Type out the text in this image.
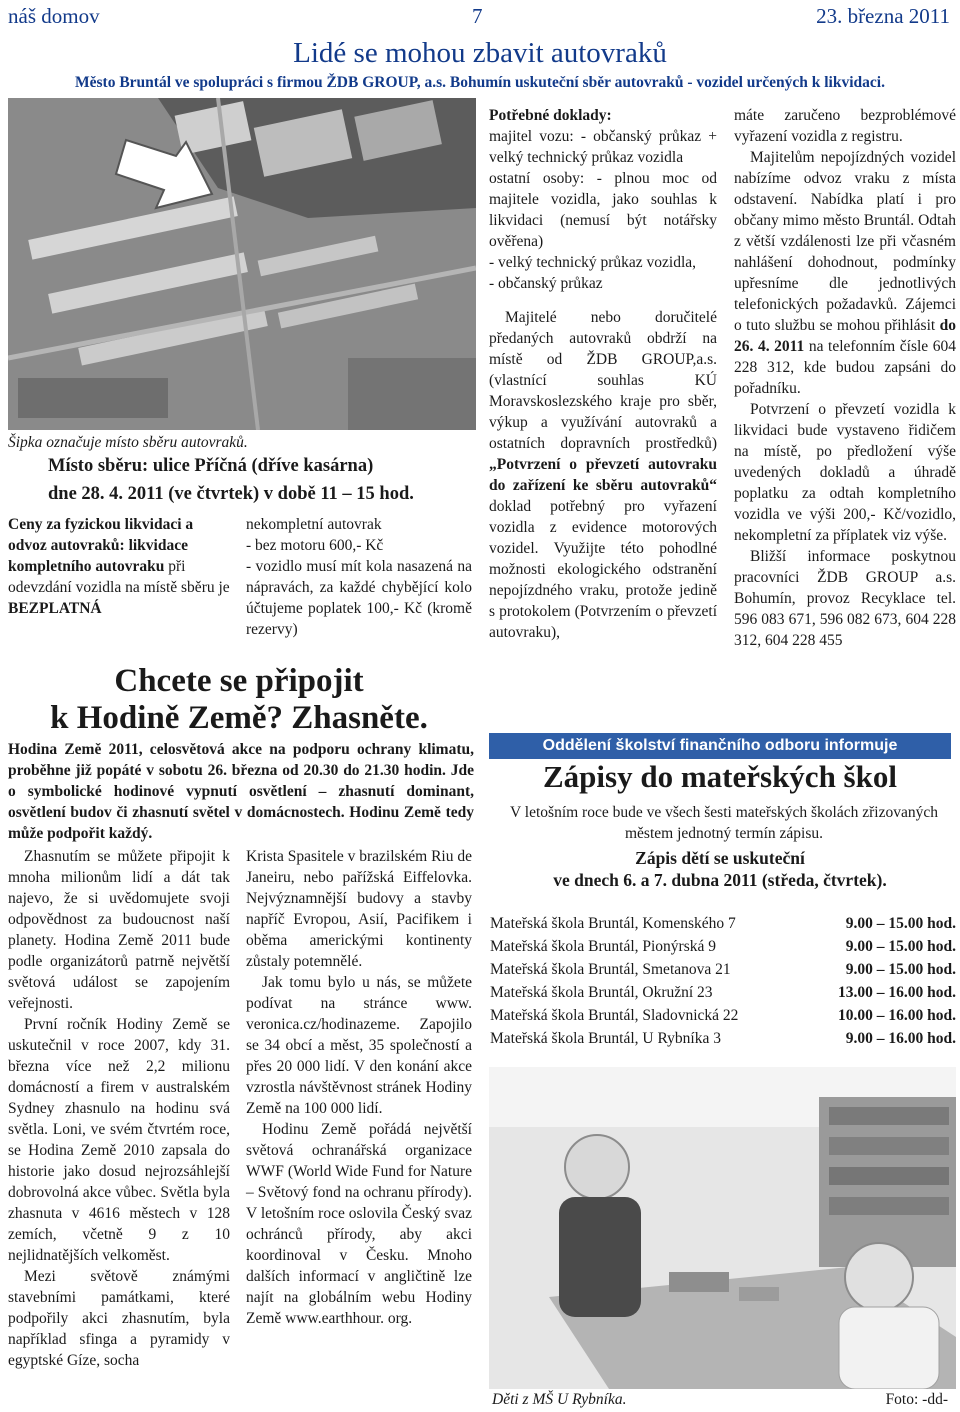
náš domov	7	23. března 2011
Lidé se mohou zbavit autovraků
Město Bruntál ve spolupráci s firmou ŽDB GROUP, a.s. Bohumín uskuteční sběr autovraků - vozidel určených k likvidaci.
Šipka označuje místo sběru autovraků.
Místo sběru: ulice Příčná (dříve kasárna)
dne 28. 4. 2011 (ve čtvrtek) v době 11 – 15 hod.
Ceny za fyzickou likvidaci a odvoz autovraků: likvidace kompletního autovraku při odevzdání vozidla na místě sběru je BEZPLATNÁ

nekompletní autovrak

- bez motoru 600,- Kč

- vozidlo musí mít kola nasazená na nápravách, za každé chybějící kolo účtujeme poplatek 100,- Kč (kromě rezervy)

Chcete se připojit
k Hodině Země? Zhasněte.
Hodina Země 2011, celosvětová akce na podporu ochrany klimatu, proběhne již popáté v sobotu 26. března od 20.30 do 21.30 hodin. Jde o symbolické hodinové vypnutí osvětlení – zhasnutí dominant, osvětlení budov či zhasnutí světel v domácnostech. Hodinu Země tedy může podpořit každý.

Zhasnutím se můžete připojit k mnoha milionům lidí a dát tak najevo, že si uvědomujete svoji odpovědnost za budoucnost naší planety. Hodina Země 2011 bude podle organizátorů patrně největší světová událost se zapojením veřejnosti.

První ročník Hodiny Země se uskutečnil v roce 2007, kdy 31. března více než 2,2 milionu domácností a firem v australském Sydney zhasnulo na hodinu svá světla. Loni, ve svém čtvrtém roce, se Hodina Země 2010 zapsala do historie jako dosud nejrozsáhlejší dobrovolná akce vůbec. Světla byla zhasnuta v 4616 městech v 128 zemích, včetně 9 z 10 nejlidnatějších velkoměst.

Mezi světově známými stavebními památkami, které podpořily akci zhasnutím, byla například sfinga a pyramidy v egyptské Gíze, socha

Krista Spasitele v brazilském Riu de Janeiru, nebo pařížská Eiffelovka. Nejvýznamnější budovy a stavby napříč Evropou, Asií, Pacifikem i oběma americkými kontinenty zůstaly potemnělé.

Jak tomu bylo u nás, se můžete podívat na stránce www. veronica.cz/hodinazeme. Zapojilo se 34 obcí a měst, 35 společností a přes 20 000 lidí. V den konání akce vzrostla návštěvnost stránek Hodiny Země na 100 000 lidí.

Hodinu Země pořádá největší světová ochranářská organizace WWF (World Wide Fund for Nature – Světový fond na ochranu přírody). V letošním roce oslovila Český svaz ochránců přírody, aby akci koordinoval v Česku. Mnoho dalších informací v angličtině lze najít na globálním webu Hodiny Země www.earthhour. org.

Potřebné doklady:

majitel vozu: - občanský průkaz + velký technický průkaz vozidla

ostatní osoby: - plnou moc od majitele vozidla, jako souhlas k likvidaci (nemusí být notářsky ověřena)

- velký technický průkaz vozidla,

- občanský průkaz

Majitelé nebo doručitelé předaných autovraků obdrží na místě od ŽDB GROUP,a.s. (vlastnící souhlas KÚ Moravskoslezského kraje pro sběr, výkup a využívání autovraků a ostatních dopravních prostředků) „Potvrzení o převzetí autovraku do zařízení ke sběru autovraků“ doklad potřebný pro vyřazení vozidla z evidence motorových vozidel. Využijte této pohodlné možnosti ekologického odstranění nepojízdného vraku, protože jedině s protokolem (Potvrzením o převzetí autovraku),

máte zaručeno bezproblémové vyřazení vozidla z registru.

Majitelům nepojízdných vozidel nabízíme odvoz vraku z místa odstavení. Nabídka platí i pro občany mimo město Bruntál. Odtah z větší vzdálenosti lze při včasném nahlášení dohodnout, podmínky upřesníme dle jednotlivých telefonických požadavků. Zájemci o tuto službu se mohou přihlásit do 26. 4. 2011 na telefonním čísle 604 228 312, kde budou zapsáni do pořadníku.

Potvrzení o převzetí vozidla k likvidaci bude vystaveno řidičem na místě, po předložení výše uvedených dokladů a úhradě poplatku za odtah kompletního vozidla ve výši 200,- Kč/vozidlo, nekompletní za příplatek viz výše.

Bližší informace poskytnou pracovníci ŽDB GROUP a.s. Bohumín, provoz Recyklace tel. 596 083 671, 596 082 673, 604 228 312, 604 228 455

Oddělení školství finančního odboru informuje
Zápisy do mateřských škol
V letošním roce bude ve všech šesti mateřských školách zřizovaných městem jednotný termín zápisu.
Zápis dětí se uskuteční
ve dnech 6. a 7. dubna 2011 (středa, čtvrtek).
Mateřská škola Bruntál, Komenského 7	9.00 – 15.00 hod.
Mateřská škola Bruntál, Pionýrská 9	9.00 – 15.00 hod.
Mateřská škola Bruntál, Smetanova 21	9.00 – 15.00 hod.
Mateřská škola Bruntál, Okružní 23	13.00 – 16.00 hod.
Mateřská škola Bruntál, Sladovnická 22	10.00 – 16.00 hod.
Mateřská škola Bruntál, U Rybníka 3	9.00 – 16.00 hod.
Děti z MŠ U Rybníka.	Foto: -dd-
